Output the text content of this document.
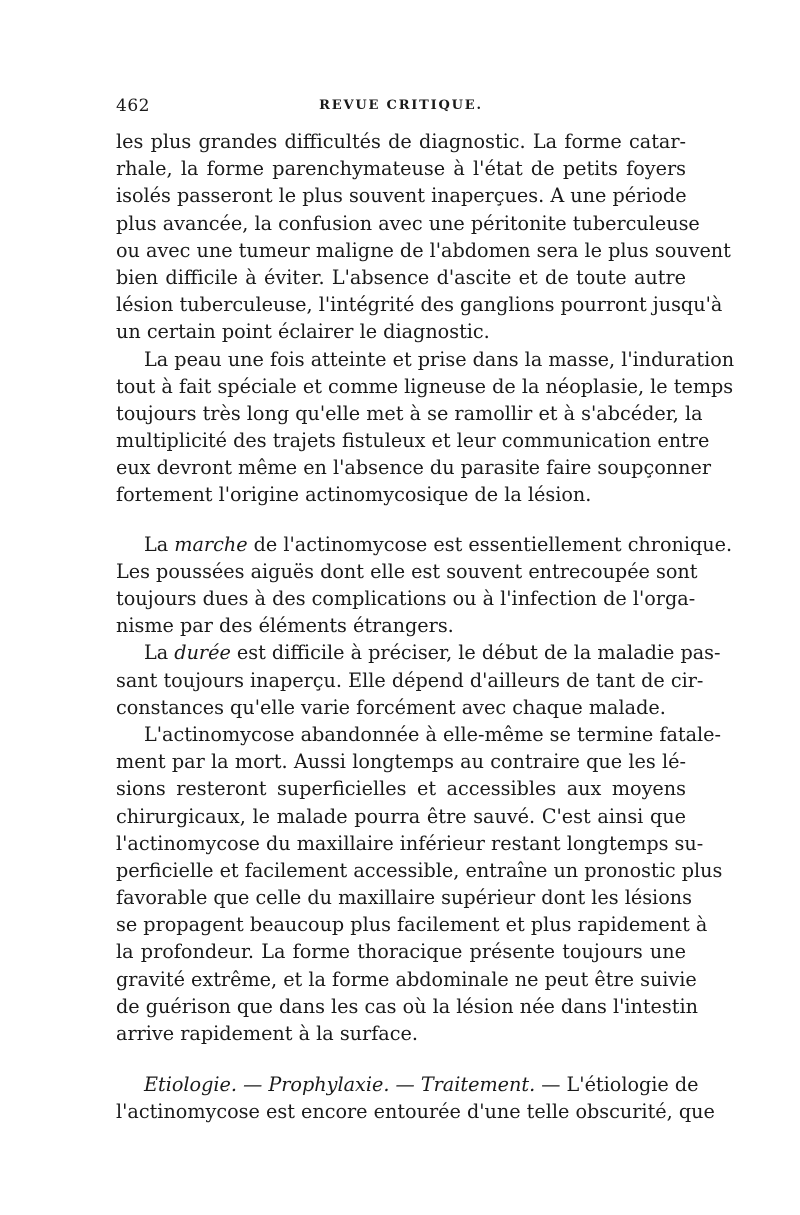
462	REVUE CRITIQUE.
les plus grandes difficultés de diagnostic. La forme catar-
rhale, la forme parenchymateuse à l'état de petits foyers
isolés passeront le plus souvent inaperçues. A une période
plus avancée, la confusion avec une péritonite tuberculeuse
ou avec une tumeur maligne de l'abdomen sera le plus souvent
bien difficile à éviter. L'absence d'ascite et de toute autre
lésion tuberculeuse, l'intégrité des ganglions pourront jusqu'à
un certain point éclairer le diagnostic.
La peau une fois atteinte et prise dans la masse, l'induration
tout à fait spéciale et comme ligneuse de la néoplasie, le temps
toujours très long qu'elle met à se ramollir et à s'abcéder, la
multiplicité des trajets fistuleux et leur communication entre
eux devront même en l'absence du parasite faire soupçonner
fortement l'origine actinomycosique de la lésion.
La marche de l'actinomycose est essentiellement chronique.
Les poussées aiguës dont elle est souvent entrecoupée sont
toujours dues à des complications ou à l'infection de l'orga-
nisme par des éléments étrangers.
La durée est difficile à préciser, le début de la maladie pas-
sant toujours inaperçu. Elle dépend d'ailleurs de tant de cir-
constances qu'elle varie forcément avec chaque malade.
L'actinomycose abandonnée à elle-même se termine fatale-
ment par la mort. Aussi longtemps au contraire que les lé-
sions resteront superficielles et accessibles aux moyens
chirurgicaux, le malade pourra être sauvé. C'est ainsi que
l'actinomycose du maxillaire inférieur restant longtemps su-
perficielle et facilement accessible, entraîne un pronostic plus
favorable que celle du maxillaire supérieur dont les lésions
se propagent beaucoup plus facilement et plus rapidement à
la profondeur. La forme thoracique présente toujours une
gravité extrême, et la forme abdominale ne peut être suivie
de guérison que dans les cas où la lésion née dans l'intestin
arrive rapidement à la surface.
Etiologie. — Prophylaxie. — Traitement. — L'étiologie de
l'actinomycose est encore entourée d'une telle obscurité, que
